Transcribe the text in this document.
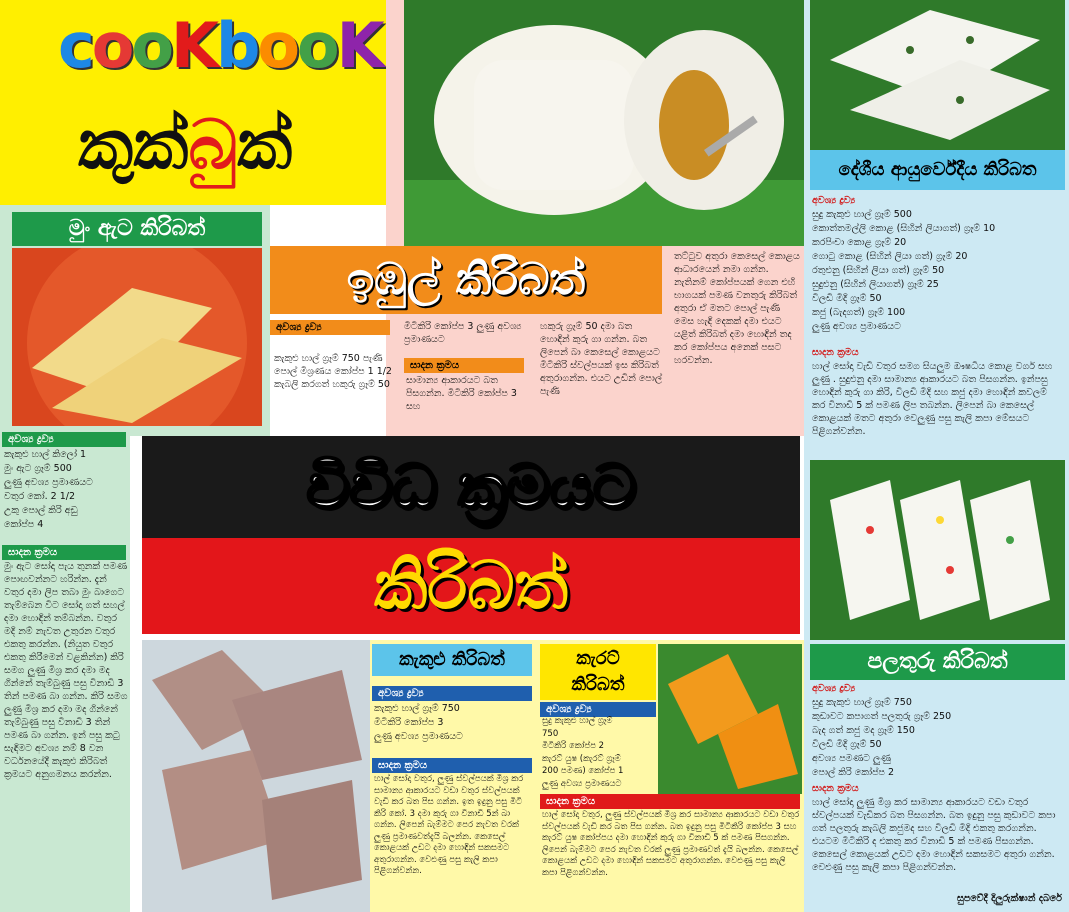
cooKbooK
කුක්බුක්
ඉඹුල් කිරිබත්
අවශ්‍ය ද්‍රව්‍ය
කැකුළු හාල් ග්‍රෑම් 750 පැණි පොල් මිශ්‍රණය කෝප්ප 1 1/2 කැබලි කරගත් හකුරු ග්‍රෑම් 50
මිටිකිරි කෝප්ප 3 ලුණු අවශ්‍ය ප්‍රමාණයට
සාදන ක්‍රමය
සාමාන්‍ය ආකාරයට බත පිසගන්න. මිටිකිරි කෝප්ප 3 සහ
හකුරු ග්‍රෑම් 50 දමා බත හොඳින් කුරු ගා ගන්න. බත ලිපෙන් බා කෙසෙල් කොළයට මිටිකිරි ස්වල්පයක් ඉස කිරිබත් අතුරාගන්න. එයට උඩින් පොල් පැණි
තට්ටුව අතුරා කෙසෙල් කොළය ආධාරයෙන් නමා ගන්න. නැතිනම් කෝප්පයක් ගෙන එහි භාගයක් පමණ වනතුරු කිරිබත් අතුරා ඒ මතට පොල් පැණි මෙස හැඳි දෙකක් දමා එයට යළිත් කිරිබත් දමා හොඳින් තද කර කෝප්පය අනෙක් පසට හරවන්න.
මුං ඇට කිරිබත්
අවශ්‍ය ද්‍රව්‍ය

කැකුළු හාල් කිලෝ 1

මුං ඇට ග්‍රෑම් 500

ලුණු අවශ්‍ය ප්‍රමාණයට

වතුර කෝ. 2 1/2

උකු පොල් කිරි අඩු

කෝප්ප 4

සාදන ක්‍රමය
මුං ඇට සෝදා පැය තුනක් පමණ පොඟවන්නට හරින්න. දැන් වතුර දමා ලිප තබා මුං බාගෙට තැම්බෙන විට සෝදා ගත් සහල් දමා හොඳින් තම්බන්න. වතුර මදි නම් නැවත උතුරන වතුර එකතු කරන්න. (නියුත වතුර එකතු කිරීමෙන් වළකින්න) කිරි සමග ලුණු මිශ්‍ර කර දමා මද ගින්නේ තැම්බුණු පසු විනාඩි 3 තින් පමණ බා ගන්න. කිරි සමග ලුණු මිශ්‍ර කර දමා මද ගින්නේ තැම්බුණු පසු විනාඩි 3 තින් පමණ බා ගන්න. ඉන් පසු කටු සැඳිමට අවශ්‍ය නම් 8 වන වර්ධනයේදී කැකුළු කිරිබත් ක්‍රමයට අනුගමනය කරන්න.
විවිධ ක්‍රමයට
කිරිබත්
දේශීය ආයුර්වේදීය කිරිබත
අවශ්‍ය ද්‍රව්‍ය

සුදු කැකුළු හාල් ග්‍රෑම් 500

කොත්තමල්ලි කොළ (සිහින් ලියාගත්) ග්‍රෑම් 10

කරපිංචා කොළ ග්‍රෑම් 20

ගොටු කොළ (සිහින් ලියා ගත්) ග්‍රෑම් 20

රතුළුනු (සිහින් ලියා ගත්) ග්‍රෑම් 50

සුදුළුනු (සිහින් ලියාගත්) ග්‍රෑම් 25

විලඩි මිදි ග්‍රෑම් 50

කජු (බැදගත්) ග්‍රෑම් 100

ලුණු අවශ්‍ය ප්‍රමාණයට

සාදන ක්‍රමය
හාල් සෝදා වැඩි වතුර සමග සියලුම ඖෂධීය කොළ වර්ග සහ ලුණු . සුදුළුනු දමා සාමාන්‍ය ආකාරයට බත පිසගන්න. ඉන්පසු හොඳින් කුරු ගා කිරි, විලඩි මිදි සහ කජු දමා හොඳින් කවලම් කර විනාඩි 5 ක් පමණ ලිප තබන්න. ලිපෙන් බා කෙසෙල් කොළයක් මතට අතුරා වෙලුණු පසු කැලි කපා මේසයට පිළිගන්වන්න.
පලතුරු කිරිබත්
අවශ්‍ය ද්‍රව්‍ය

සුදු කැකුළු හාල් ග්‍රෑම් 750

කුඩාවට කපාගත් පලතුරු ග්‍රෑම් 250

බැද ගත් කජු මද ග්‍රෑම් 150

විලඩි මිදි ග්‍රෑම් 50

අවශ්‍ය පමණට ලුණු

පොල් කිරි කෝප්ප 2

සාදන ක්‍රමය
හාල් සෝදා ලුණු මිශ්‍ර කර සාමාන්‍ය ආකාරයට වඩා වතුර ස්වල්පයක් වැඩිකර බත පිසගන්න. බත ඉදුනු පසු කුඩාවට කපා ගත් පලතුරු කැබලි කජුමද සහ විලඩි මිදි එකතු කරගන්න. එයටම මිටිකිරි ද එකතු කර විනාඩි 5 ක් පමණ පිසගන්න. කෙසෙල් කොළයක් උඩට දමා හොඳින් සකසමට අතුරා ගන්න. වෙළුණු පසු කැලි කපා පිළිගන්වන්න.
සුපවේදී දිලුරුක්ෂාන් දබරේ
කැකුළු කිරිබත්
අවශ්‍ය ද්‍රව්‍ය

කැකුළු හාල් ග්‍රෑම් 750

මිටිකිරි කෝප්ප 3

ලුණු අවශ්‍ය ප්‍රමාණයට

සාදන ක්‍රමය
හාල් සෝදා වතුර, ලුණු ස්වල්පයක් මිශ්‍ර කර සාමාන්‍ය ආකාරයට වඩා වතුර ස්වල්පයක් වැඩි කර බත පිස ගන්න. ඉත ඉදුනු පසු මිටි කිරි කෝ. 3 දමා කුරු ගා විනාඩි 5න් බා ගන්න. ලිපෙන් බැම්මට පෙර නැවත වරක් ලුණු ප්‍රමාණවත්දැයි බලන්න. කෙසෙල් කොළයක් උඩට දමා හොඳින් සකසමට අතුරාගන්න. වෙළුණු පසු කැලි කපා පිළිගන්වන්න.
කැරට්
කිරිබත්
අවශ්‍ය ද්‍රව්‍ය

සුදු කැකුළු හාල් ග්‍රෑම්

750

මිටිකිරි කෝප්ප 2

කැරට් යුෂ (කැරට් ග්‍රෑම්

200 පමණ) කෝප්ප 1

ලුණු අවශ්‍ය ප්‍රමාණයට

සාදන ක්‍රමය
හාල් සෝදා වතුර, ලුණු ස්වල්පයක් මිශ්‍ර කර සාමාන්‍ය ආකාරයට වඩා වතුර ස්වල්පයක් වැඩි කර බත පිස ගන්න. බත ඉදුනු පසු මිටිකිරි කෝප්ප 3 සහ කැරට් යුෂ කෝප්පය දමා හොඳින් කුරු ගා විනාඩි 5 ක් පමණ පිසගන්න. ලිපෙන් බැම්මට පෙර නැවත වරක් ලුණු ප්‍රමාණවත් දැයි බලන්න. කෙසෙල් කොළයක් උඩට දමා හොඳින් සකසමට අතුරාගන්න. වෙළුණු පසු කැලි කපා පිළිගන්වන්න.
